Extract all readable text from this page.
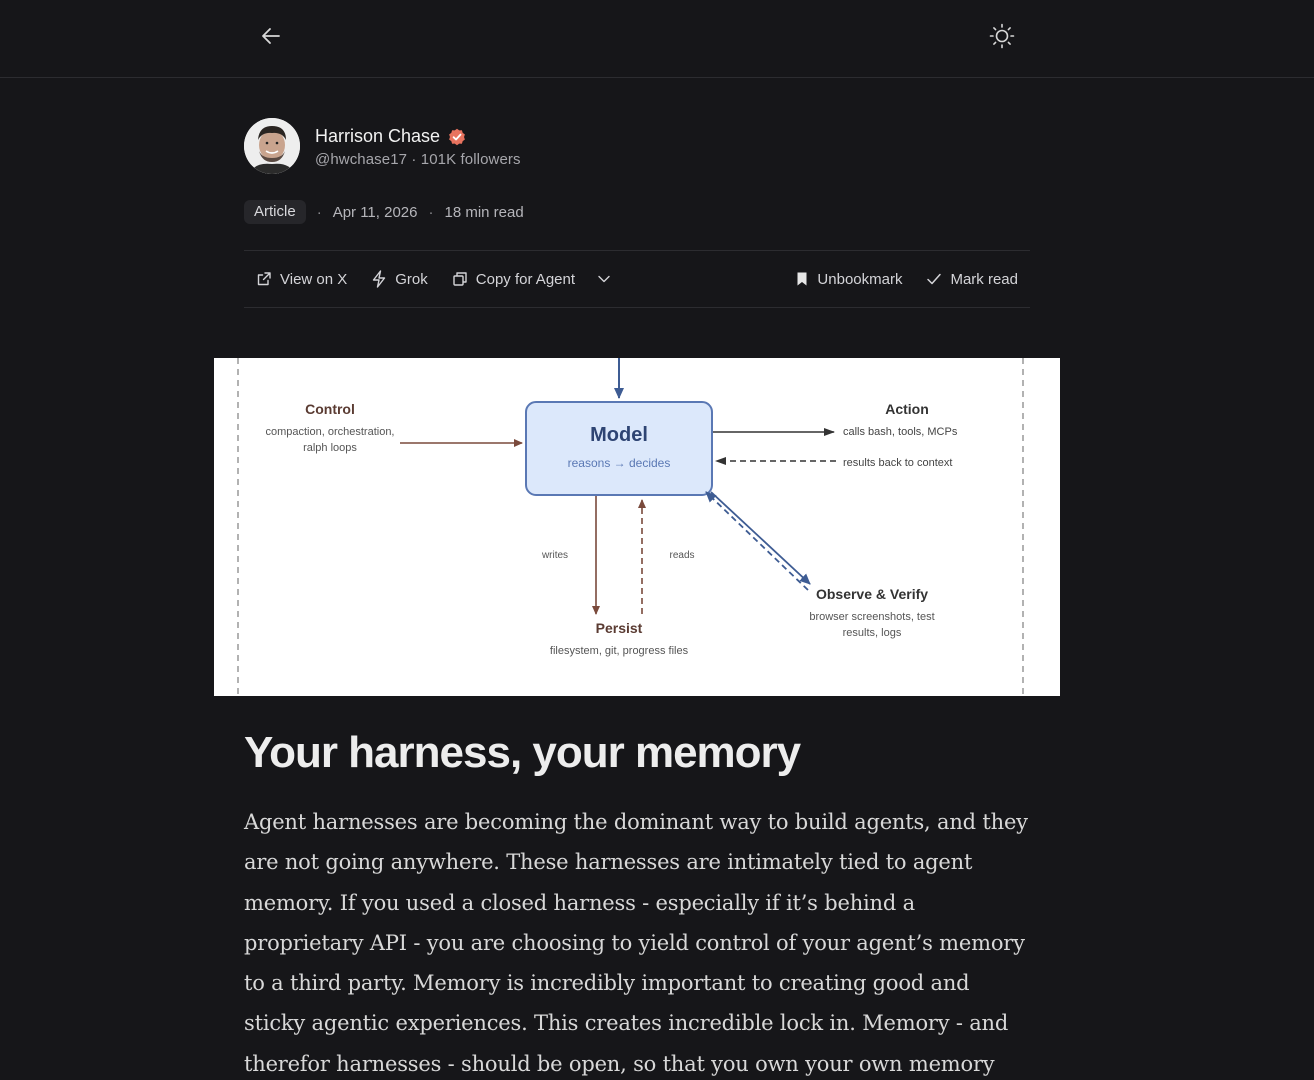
Harrison Chase
@hwchase17 · 101K followers
Article	· Apr 11, 2026 · 18 min read
View on X	Grok	Copy for Agent	Unbookmark	Mark read
Model
reasons → decides
Control
compaction, orchestration,
ralph loops
Action
calls bash, tools, MCPs
results back to context
writes	reads
Persist
filesystem, git, progress files
Observe & Verify
browser screenshots, test
results, logs
Your harness, your memory

Agent harnesses are becoming the dominant way to build agents, and they are not going anywhere. These harnesses are intimately tied to agent memory. If you used a closed harness - especially if it’s behind a proprietary API - you are choosing to yield control of your agent’s memory to a third party. Memory is incredibly important to creating good and sticky agentic experiences. This creates incredible lock in. Memory - and therefor harnesses - should be open, so that you own your own memory
